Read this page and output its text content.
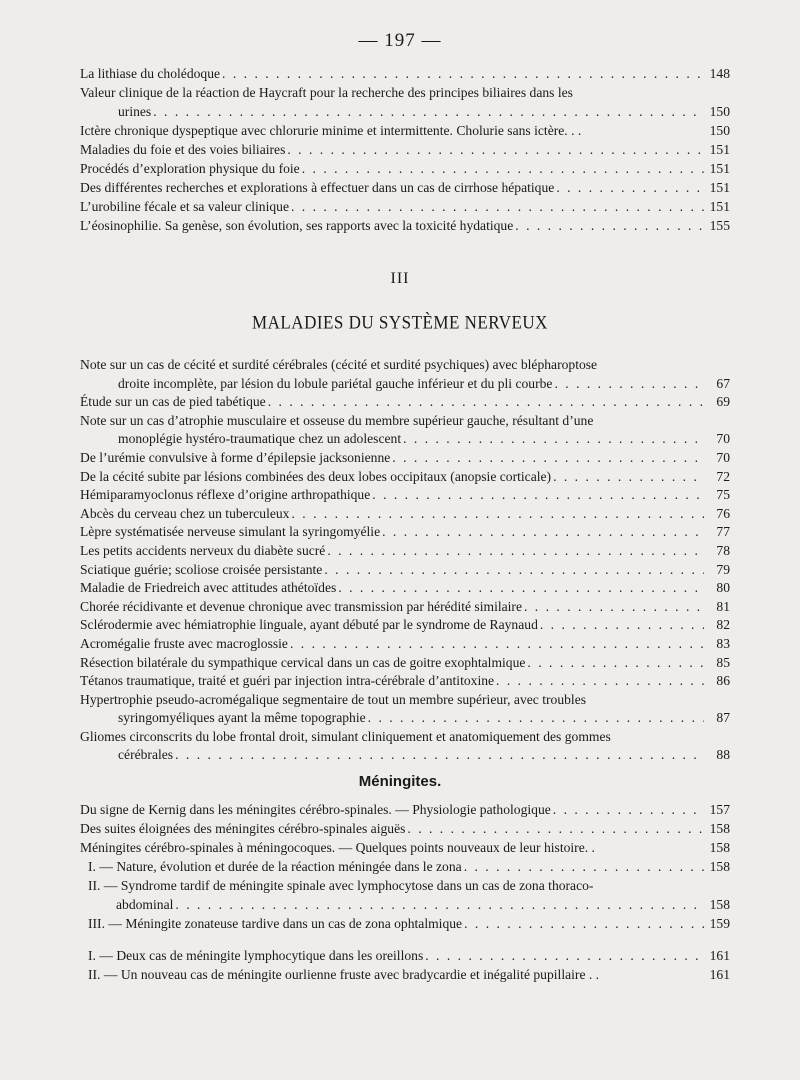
— 197 —
La lithiase du cholédoque . . .	148
Valeur clinique de la réaction de Haycraft pour la recherche des principes biliaires dans les
urines . . .	150
Ictère chronique dyspeptique avec chlorurie minime et intermittente. Cholurie sans ictère. . .	150
Maladies du foie et des voies biliaires . . .	151
Procédés d’exploration physique du foie . . .	151
Des différentes recherches et explorations à effectuer dans un cas de cirrhose hépatique . . .	151
L’urobiline fécale et sa valeur clinique . . .	151
L’éosinophilie. Sa genèse, son évolution, ses rapports avec la toxicité hydatique . . .	155
III
MALADIES DU SYSTÈME NERVEUX
Note sur un cas de cécité et surdité cérébrales (cécité et surdité psychiques) avec blépharoptose
droite incomplète, par lésion du lobule pariétal gauche inférieur et du pli courbe . . .	67
Étude sur un cas de pied tabétique . . .	69
Note sur un cas d’atrophie musculaire et osseuse du membre supérieur gauche, résultant d’une
monoplégie hystéro-traumatique chez un adolescent . . .	70
De l’urémie convulsive à forme d’épilepsie jacksonienne . . .	70
De la cécité subite par lésions combinées des deux lobes occipitaux (anopsie corticale) . . .	72
Hémiparamyoclonus réflexe d’origine arthropathique . . .	75
Abcès du cerveau chez un tuberculeux . . .	76
Lèpre systématisée nerveuse simulant la syringomyélie . . .	77
Les petits accidents nerveux du diabète sucré . . .	78
Sciatique guérie; scoliose croisée persistante . . .	79
Maladie de Friedreich avec attitudes athétoïdes . . .	80
Chorée récidivante et devenue chronique avec transmission par hérédité similaire . . .	81
Sclérodermie avec hémiatrophie linguale, ayant débuté par le syndrome de Raynaud . . .	82
Acromégalie fruste avec macroglossie . . .	83
Résection bilatérale du sympathique cervical dans un cas de goitre exophtalmique . . .	85
Tétanos traumatique, traité et guéri par injection intra-cérébrale d’antitoxine . . .	86
Hypertrophie pseudo-acromégalique segmentaire de tout un membre supérieur, avec troubles
syringomyéliques ayant la même topographie . . .	87
Gliomes circonscrits du lobe frontal droit, simulant cliniquement et anatomiquement des gommes
cérébrales . . .	88
Méningites.
Du signe de Kernig dans les méningites cérébro-spinales. — Physiologie pathologique . . .	157
Des suites éloignées des méningites cérébro-spinales aiguës . . .	158
Méningites cérébro-spinales à méningocoques. — Quelques points nouveaux de leur histoire. .	158
I. — Nature, évolution et durée de la réaction méningée dans le zona . . .	158
II. — Syndrome tardif de méningite spinale avec lymphocytose dans un cas de zona thoraco-
abdominal . . .	158
III. — Méningite zonateuse tardive dans un cas de zona ophtalmique . . .	159
I. — Deux cas de méningite lymphocytique dans les oreillons . . .	161
II. — Un nouveau cas de méningite ourlienne fruste avec bradycardie et inégalité pupillaire . .	161
